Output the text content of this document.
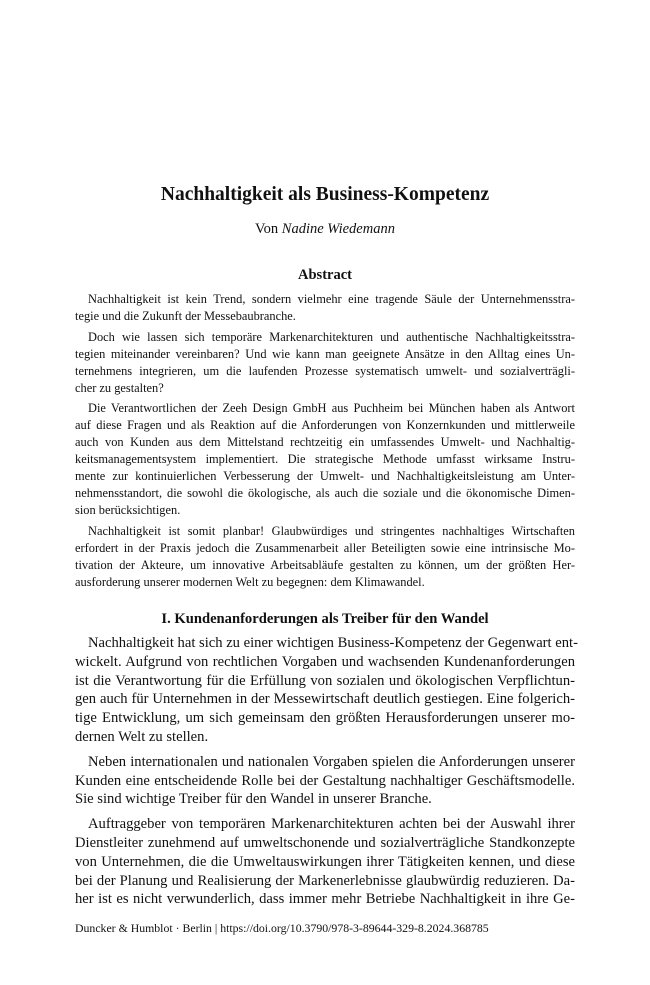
Nachhaltigkeit als Business-Kompetenz
Von Nadine Wiedemann
Abstract

Nachhaltigkeit ist kein Trend, sondern vielmehr eine tragende Säule der Unternehmensstra-
tegie und die Zukunft der Messebaubranche.

Doch wie lassen sich temporäre Markenarchitekturen und authentische Nachhaltigkeitsstra-
tegien miteinander vereinbaren? Und wie kann man geeignete Ansätze in den Alltag eines Un-
ternehmens integrieren, um die laufenden Prozesse systematisch umwelt- und sozialverträgli-
cher zu gestalten?

Die Verantwortlichen der Zeeh Design GmbH aus Puchheim bei München haben als Antwort
auf diese Fragen und als Reaktion auf die Anforderungen von Konzernkunden und mittlerweile
auch von Kunden aus dem Mittelstand rechtzeitig ein umfassendes Umwelt- und Nachhaltig-
keitsmanagementsystem implementiert. Die strategische Methode umfasst wirksame Instru-
mente zur kontinuierlichen Verbesserung der Umwelt- und Nachhaltigkeitsleistung am Unter-
nehmensstandort, die sowohl die ökologische, als auch die soziale und die ökonomische Dimen-
sion berücksichtigen.

Nachhaltigkeit ist somit planbar! Glaubwürdiges und stringentes nachhaltiges Wirtschaften
erfordert in der Praxis jedoch die Zusammenarbeit aller Beteiligten sowie eine intrinsische Mo-
tivation der Akteure, um innovative Arbeitsabläufe gestalten zu können, um der größten Her-
ausforderung unserer modernen Welt zu begegnen: dem Klimawandel.

I. Kundenanforderungen als Treiber für den Wandel

Nachhaltigkeit hat sich zu einer wichtigen Business-Kompetenz der Gegenwart ent-
wickelt. Aufgrund von rechtlichen Vorgaben und wachsenden Kundenanforderungen
ist die Verantwortung für die Erfüllung von sozialen und ökologischen Verpflichtun-
gen auch für Unternehmen in der Messewirtschaft deutlich gestiegen. Eine folgerich-
tige Entwicklung, um sich gemeinsam den größten Herausforderungen unserer mo-
dernen Welt zu stellen.

Neben internationalen und nationalen Vorgaben spielen die Anforderungen unserer
Kunden eine entscheidende Rolle bei der Gestaltung nachhaltiger Geschäftsmodelle.
Sie sind wichtige Treiber für den Wandel in unserer Branche.

Auftraggeber von temporären Markenarchitekturen achten bei der Auswahl ihrer
Dienstleiter zunehmend auf umweltschonende und sozialverträgliche Standkonzepte
von Unternehmen, die die Umweltauswirkungen ihrer Tätigkeiten kennen, und diese
bei der Planung und Realisierung der Markenerlebnisse glaubwürdig reduzieren. Da-
her ist es nicht verwunderlich, dass immer mehr Betriebe Nachhaltigkeit in ihre Ge-

Duncker & Humblot · Berlin | https://doi.org/10.3790/978-3-89644-329-8.2024.368785
